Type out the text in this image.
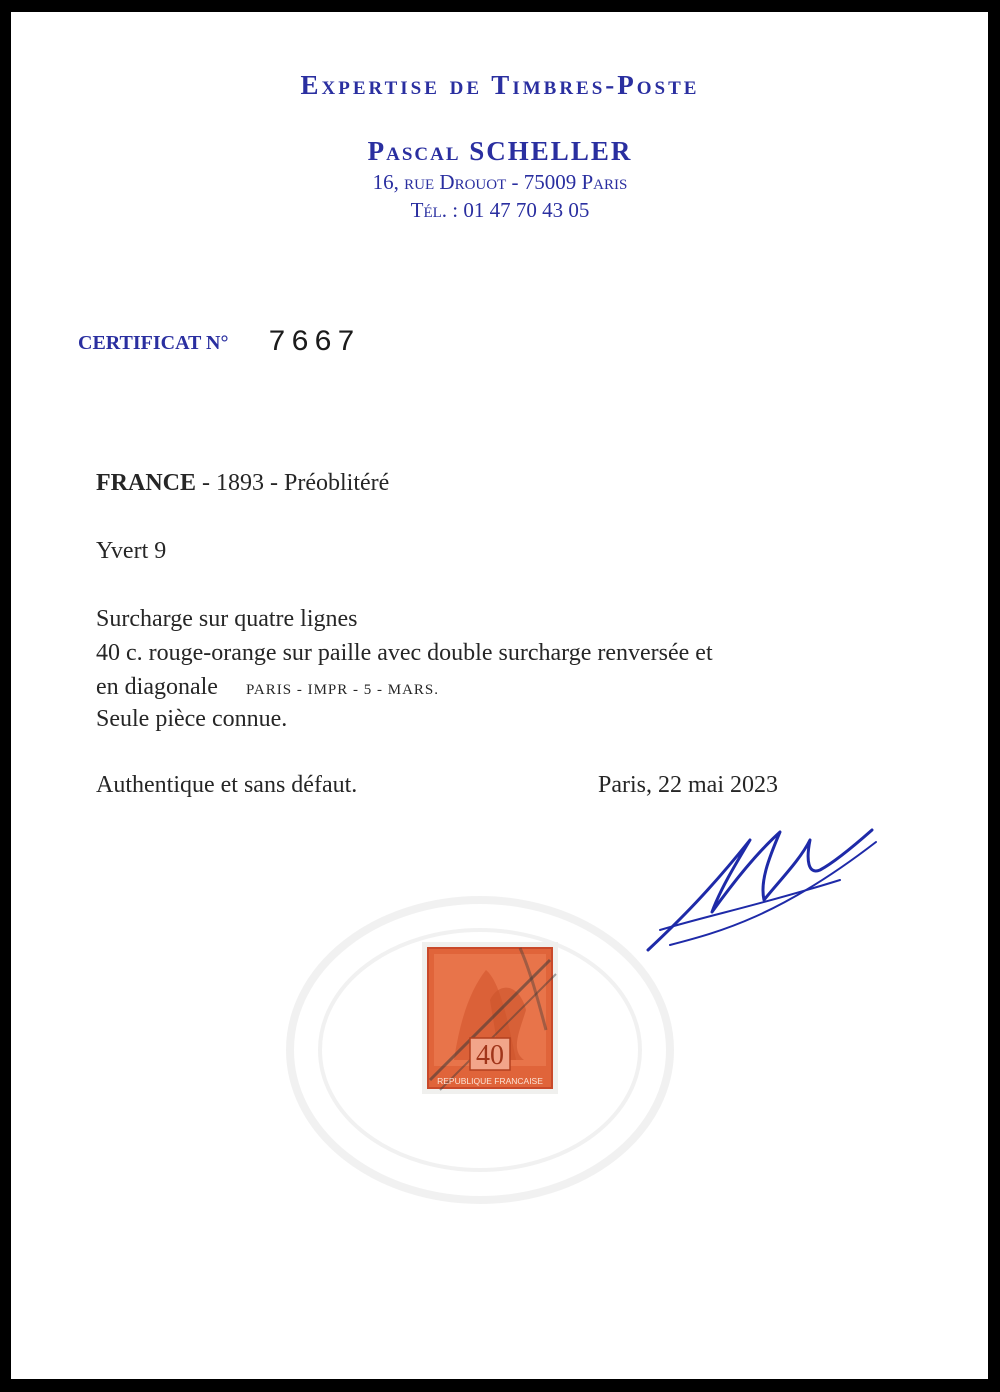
Expertise de Timbres-Poste
Pascal SCHELLER
16, rue Drouot - 75009 Paris
Tél. : 01 47 70 43 05
CERTIFICAT N° 7667
FRANCE - 1893 - Préoblitéré
Yvert 9
Surcharge sur quatre lignes
40 c. rouge-orange sur paille avec double surcharge renversée et
en diagonale PARIS - IMPR - 5 - MARS.
Seule pièce connue.
Authentique et sans défaut.	Paris, 22 mai 2023
40
REPUBLIQUE FRANCAISE
